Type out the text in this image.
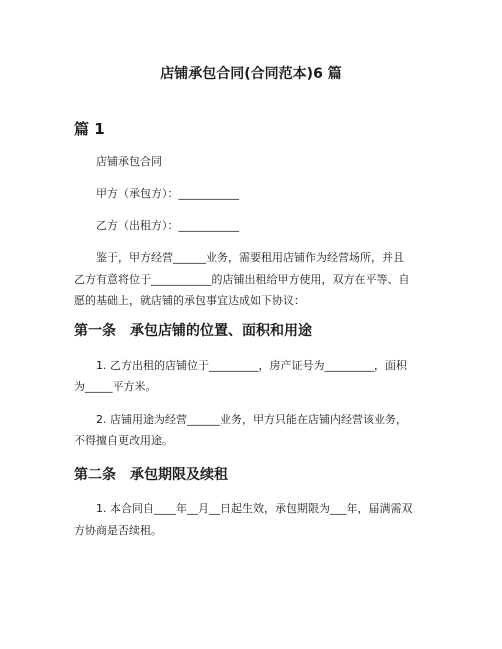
店铺承包合同(合同范本)6 篇
篇 1

店铺承包合同

甲方（承包方）：___________

乙方（出租方）：___________

鉴于，甲方经营______业务，需要租用店铺作为经营场所，并且

乙方有意将位于___________的店铺出租给甲方使用，双方在平等、自

愿的基础上，就店铺的承包事宜达成如下协议：

第一条 承包店铺的位置、面积和用途

1. 乙方出租的店铺位于_________，房产证号为_________，面积

为_____平方米。

2. 店铺用途为经营______业务，甲方只能在店铺内经营该业务，

不得擅自更改用途。

第二条 承包期限及续租

1. 本合同自____年__月__日起生效，承包期限为___年，届满需双

方协商是否续租。
